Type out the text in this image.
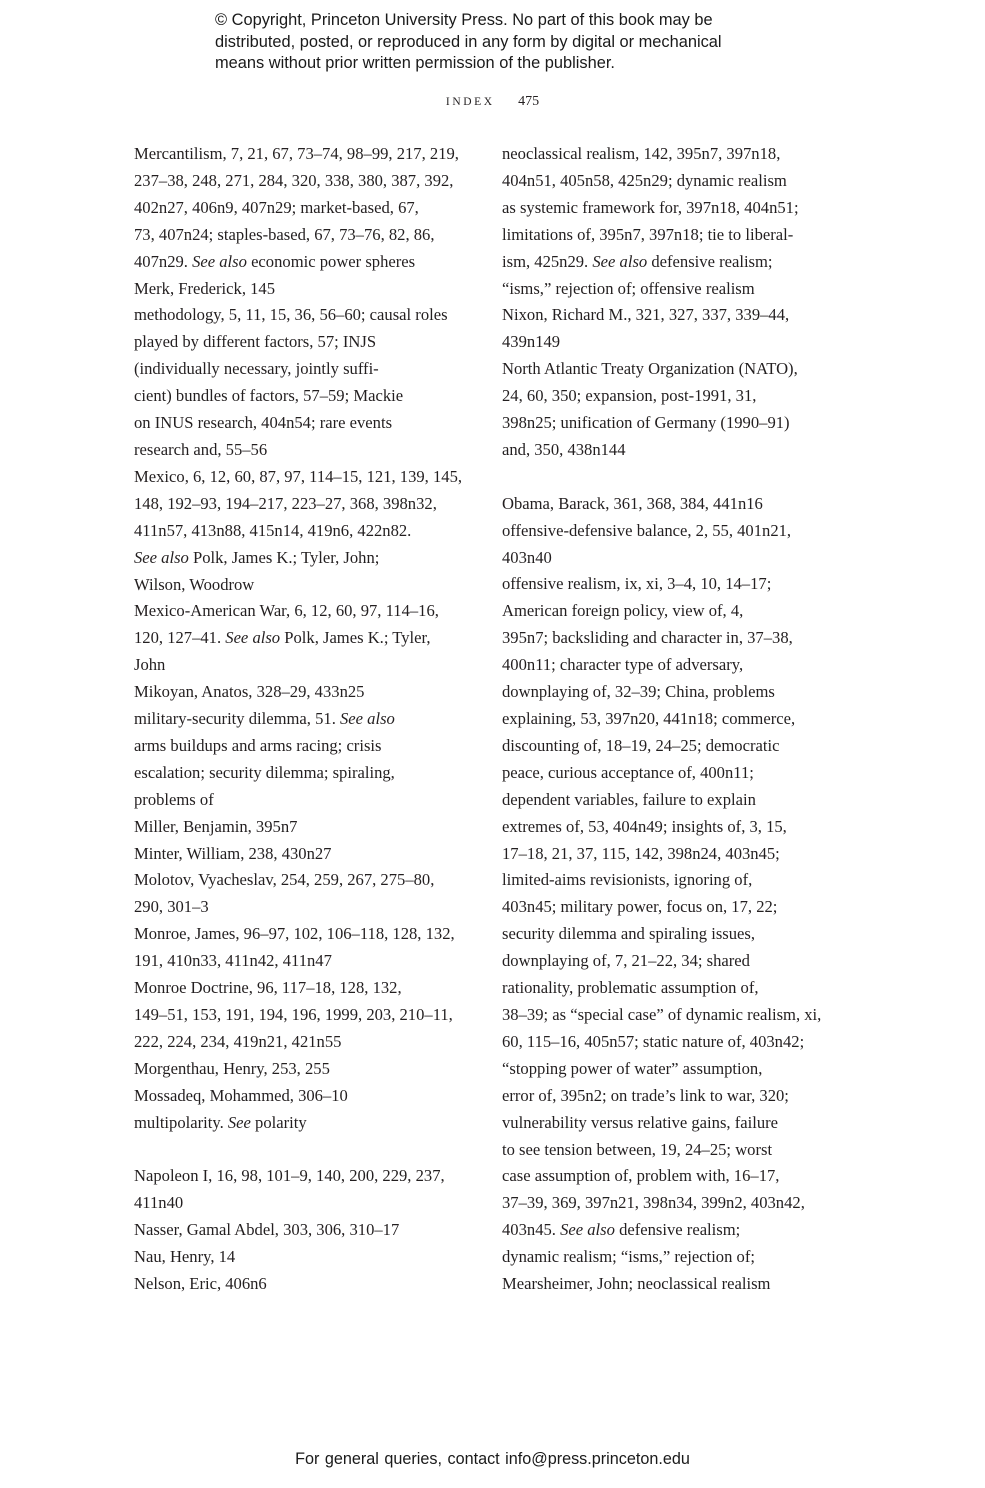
© Copyright, Princeton University Press. No part of this book may be
distributed, posted, or reproduced in any form by digital or mechanical
means without prior written permission of the publisher.
INDEX 475
Mercantilism, 7, 21, 67, 73–74, 98–99, 217, 219,
237–38, 248, 271, 284, 320, 338, 380, 387, 392,
402n27, 406n9, 407n29; market-based, 67,
73, 407n24; staples-based, 67, 73–76, 82, 86,
407n29. See also economic power spheres
Merk, Frederick, 145
methodology, 5, 11, 15, 36, 56–60; causal roles
played by different factors, 57; INJS
(individually necessary, jointly suffi-
cient) bundles of factors, 57–59; Mackie
on INUS research, 404n54; rare events
research and, 55–56
Mexico, 6, 12, 60, 87, 97, 114–15, 121, 139, 145,
148, 192–93, 194–217, 223–27, 368, 398n32,
411n57, 413n88, 415n14, 419n6, 422n82.
See also Polk, James K.; Tyler, John;
Wilson, Woodrow
Mexico-American War, 6, 12, 60, 97, 114–16,
120, 127–41. See also Polk, James K.; Tyler,
John
Mikoyan, Anatos, 328–29, 433n25
military-security dilemma, 51. See also
arms buildups and arms racing; crisis
escalation; security dilemma; spiraling,
problems of
Miller, Benjamin, 395n7
Minter, William, 238, 430n27
Molotov, Vyacheslav, 254, 259, 267, 275–80,
290, 301–3
Monroe, James, 96–97, 102, 106–118, 128, 132,
191, 410n33, 411n42, 411n47
Monroe Doctrine, 96, 117–18, 128, 132,
149–51, 153, 191, 194, 196, 1999, 203, 210–11,
222, 224, 234, 419n21, 421n55
Morgenthau, Henry, 253, 255
Mossadeq, Mohammed, 306–10
multipolarity. See polarity
Napoleon I, 16, 98, 101–9, 140, 200, 229, 237,
411n40
Nasser, Gamal Abdel, 303, 306, 310–17
Nau, Henry, 14
Nelson, Eric, 406n6
neoclassical realism, 142, 395n7, 397n18,
404n51, 405n58, 425n29; dynamic realism
as systemic framework for, 397n18, 404n51;
limitations of, 395n7, 397n18; tie to liberal-
ism, 425n29. See also defensive realism;
“isms,” rejection of; offensive realism
Nixon, Richard M., 321, 327, 337, 339–44,
439n149
North Atlantic Treaty Organization (NATO),
24, 60, 350; expansion, post-1991, 31,
398n25; unification of Germany (1990–91)
and, 350, 438n144
Obama, Barack, 361, 368, 384, 441n16
offensive-defensive balance, 2, 55, 401n21,
403n40
offensive realism, ix, xi, 3–4, 10, 14–17;
American foreign policy, view of, 4,
395n7; backsliding and character in, 37–38,
400n11; character type of adversary,
downplaying of, 32–39; China, problems
explaining, 53, 397n20, 441n18; commerce,
discounting of, 18–19, 24–25; democratic
peace, curious acceptance of, 400n11;
dependent variables, failure to explain
extremes of, 53, 404n49; insights of, 3, 15,
17–18, 21, 37, 115, 142, 398n24, 403n45;
limited-aims revisionists, ignoring of,
403n45; military power, focus on, 17, 22;
security dilemma and spiraling issues,
downplaying of, 7, 21–22, 34; shared
rationality, problematic assumption of,
38–39; as “special case” of dynamic realism, xi,
60, 115–16, 405n57; static nature of, 403n42;
“stopping power of water” assumption,
error of, 395n2; on trade’s link to war, 320;
vulnerability versus relative gains, failure
to see tension between, 19, 24–25; worst
case assumption of, problem with, 16–17,
37–39, 369, 397n21, 398n34, 399n2, 403n42,
403n45. See also defensive realism;
dynamic realism; “isms,” rejection of;
Mearsheimer, John; neoclassical realism
For general queries, contact info@press.princeton.edu
